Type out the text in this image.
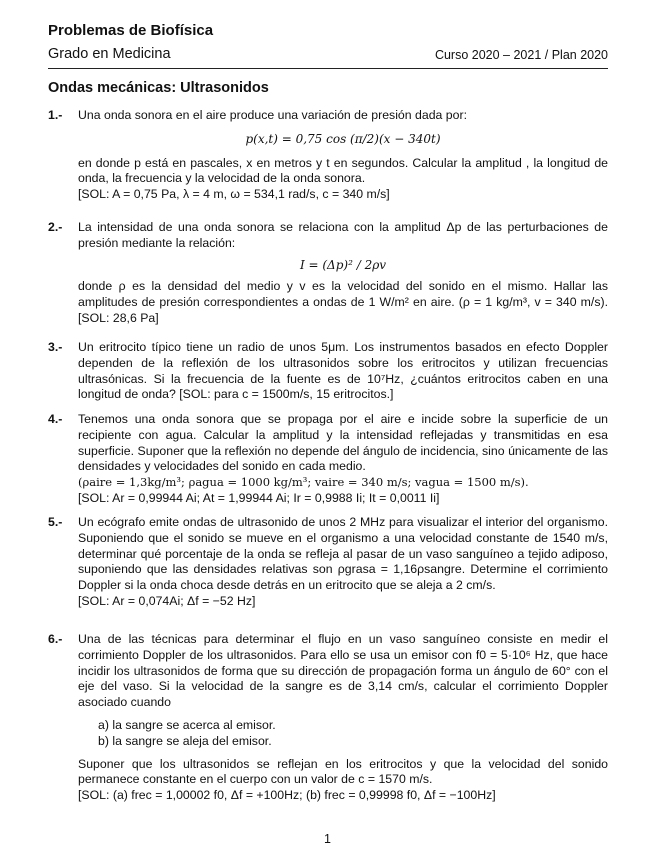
Problemas de Biofísica
Grado en Medicina	Curso 2020 – 2021 / Plan 2020
Ondas mecánicas: Ultrasonidos
1.- Una onda sonora en el aire produce una variación de presión dada por:
p(x,t) = 0,75 cos (π/2)(x − 340t)
en donde p está en pascales, x en metros y t en segundos. Calcular la amplitud , la longitud de onda, la frecuencia y la velocidad de la onda sonora.
[SOL: A = 0,75 Pa, λ = 4 m, ω = 534,1 rad/s, c = 340 m/s]
2.- La intensidad de una onda sonora se relaciona con la amplitud Δp de las perturbaciones de presión mediante la relación:
I = (Δp)² / 2ρv
donde ρ es la densidad del medio y v es la velocidad del sonido en el mismo. Hallar las amplitudes de presión correspondientes a ondas de 1 W/m² en aire. (ρ = 1 kg/m³, v = 340 m/s). [SOL: 28,6 Pa]
3.- Un eritrocito típico tiene un radio de unos 5μm. Los instrumentos basados en efecto Doppler dependen de la reflexión de los ultrasonidos sobre los eritrocitos y utilizan frecuencias ultrasónicas. Si la frecuencia de la fuente es de 10⁷Hz, ¿cuántos eritrocitos caben en una longitud de onda? [SOL: para c = 1500m/s, 15 eritrocitos.]
4.- Tenemos una onda sonora que se propaga por el aire e incide sobre la superficie de un recipiente con agua. Calcular la amplitud y la intensidad reflejadas y transmitidas en esa superficie. Suponer que la reflexión no depende del ángulo de incidencia, sino únicamente de las densidades y velocidades del sonido en cada medio.
(ρaire = 1,3kg/m³; ρagua = 1000 kg/m³; vaire = 340 m/s; vagua = 1500 m/s).
[SOL: Ar = 0,99944 Ai; At = 1,99944 Ai; Ir = 0,9988 Ii; It = 0,0011 Ii]
5.- Un ecógrafo emite ondas de ultrasonido de unos 2 MHz para visualizar el interior del organismo. Suponiendo que el sonido se mueve en el organismo a una velocidad constante de 1540 m/s, determinar qué porcentaje de la onda se refleja al pasar de un vaso sanguíneo a tejido adiposo, suponiendo que las densidades relativas son ρgrasa = 1,16ρsangre. Determine el corrimiento Doppler si la onda choca desde detrás en un eritrocito que se aleja a 2 cm/s.
[SOL: Ar = 0,074Ai; Δf = −52 Hz]
6.- Una de las técnicas para determinar el flujo en un vaso sanguíneo consiste en medir el corrimiento Doppler de los ultrasonidos. Para ello se usa un emisor con f0 = 5·10⁶ Hz, que hace incidir los ultrasonidos de forma que su dirección de propagación forma un ángulo de 60° con el eje del vaso. Si la velocidad de la sangre es de 3,14 cm/s, calcular el corrimiento Doppler asociado cuando
a) la sangre se acerca al emisor.
b) la sangre se aleja del emisor.
Suponer que los ultrasonidos se reflejan en los eritrocitos y que la velocidad del sonido permanece constante en el cuerpo con un valor de c = 1570 m/s.
[SOL: (a) frec = 1,00002 f0, Δf = +100Hz; (b) frec = 0,99998 f0, Δf = −100Hz]
1
